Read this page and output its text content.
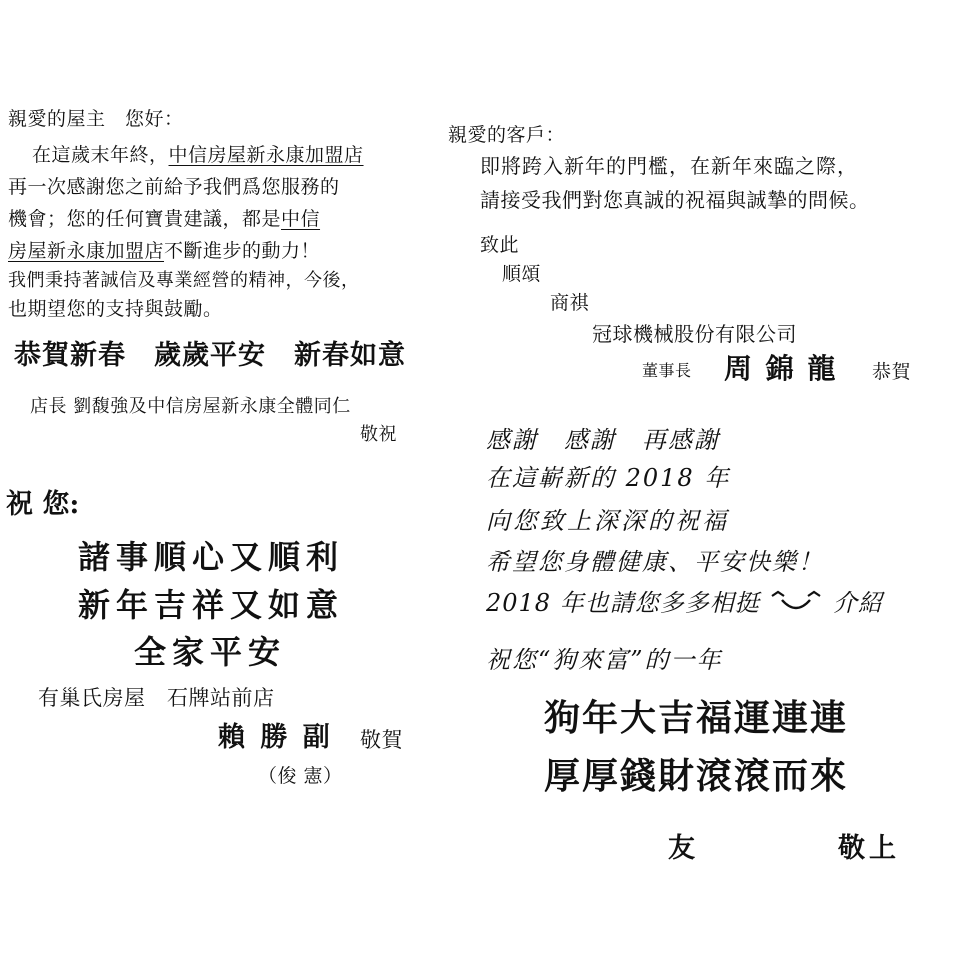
親愛的屋主　您好：
在這歲末年終，中信房屋新永康加盟店
再一次感謝您之前給予我們爲您服務的
機會；您的任何寶貴建議，都是中信
房屋新永康加盟店不斷進步的動力！
我們秉持著誠信及專業經營的精神，今後，
也期望您的支持與鼓勵。
恭賀新春　歲歲平安　新春如意
店長 劉馥強及中信房屋新永康全體同仁
敬祝
祝 您:
諸事順心又順利
新年吉祥又如意
全家平安
有巢氏房屋　石牌站前店
賴 勝 副 敬賀
（俊 憲）
親愛的客戶：
即將跨入新年的門檻，在新年來臨之際，
請接受我們對您真誠的祝福與誠摯的問候。
致此
順頌
商祺
冠球機械股份有限公司
董事長 周 錦 龍 恭賀
感謝　感謝　再感謝
在這嶄新的 2018 年
向您致上深深的祝福
希望您身體健康、平安快樂！
2018 年也請您多多相挺  介紹
祝您“狗來富”的一年
狗年大吉福運連連
厚厚錢財滾滾而來
友	敬上
